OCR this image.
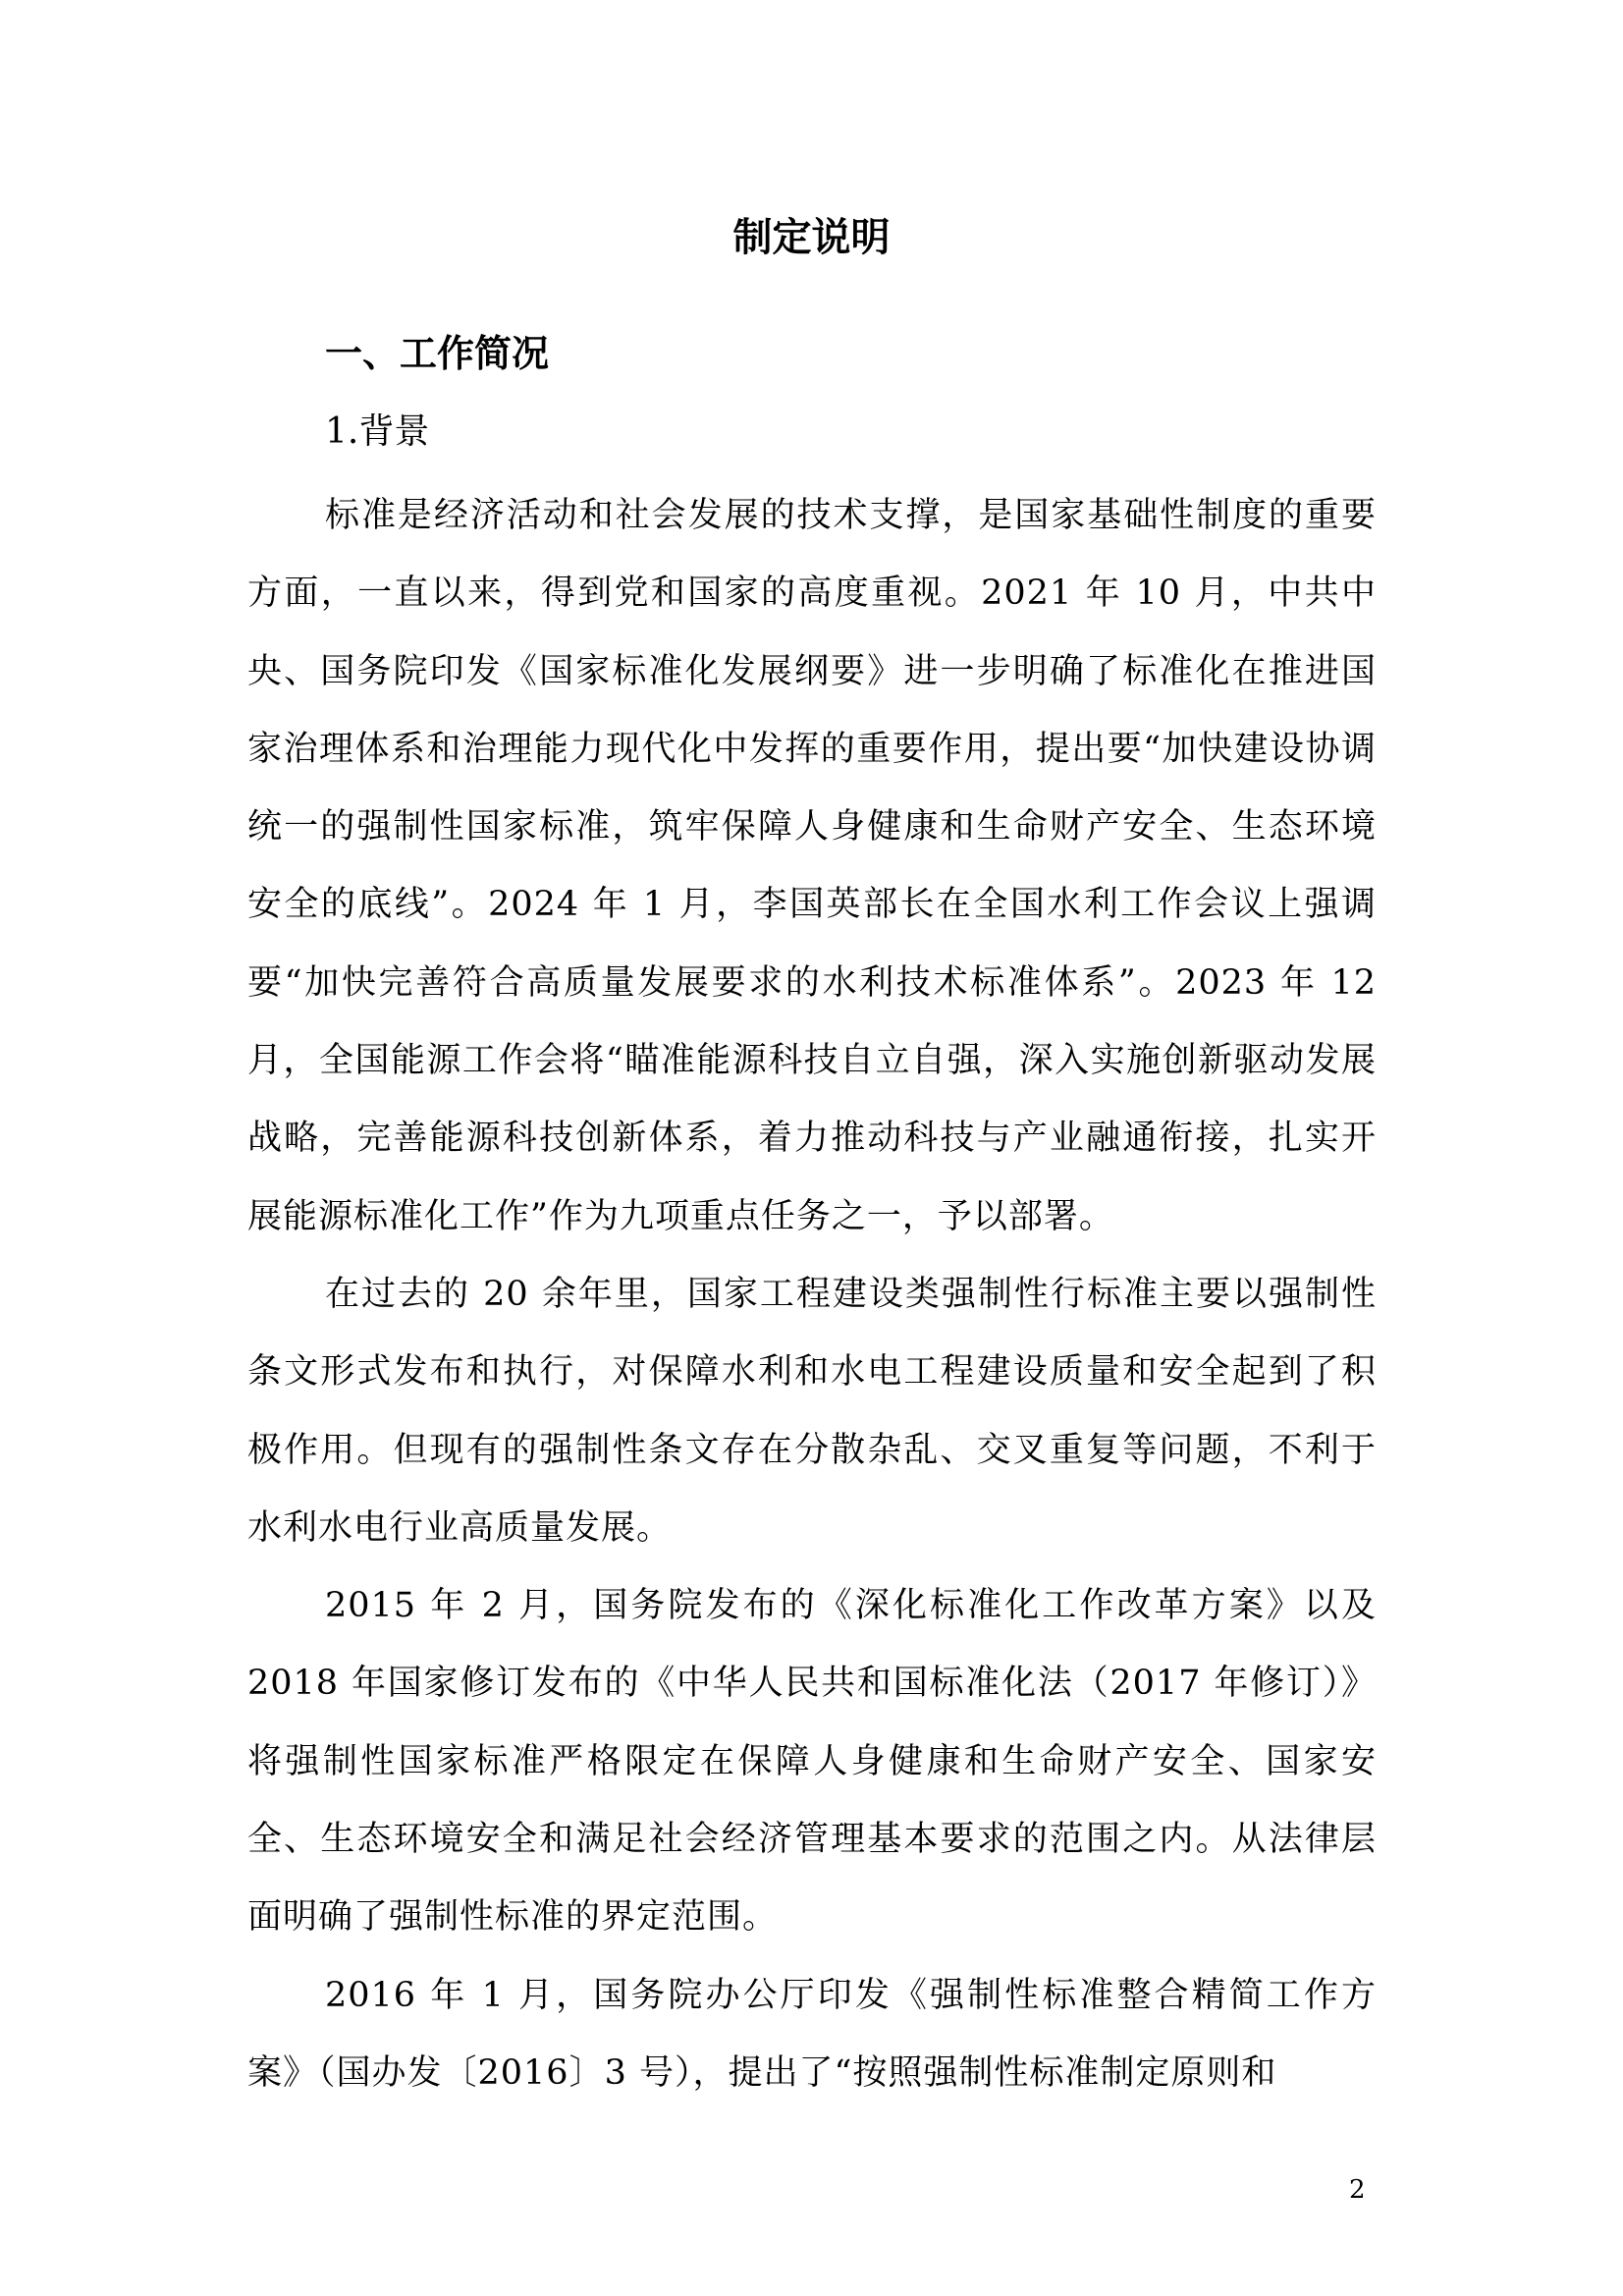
制定说明
一、工作简况
1.背景

标准是经济活动和社会发展的技术支撑，是国家基础性制度的重要方面，一直以来，得到党和国家的高度重视。2021 年 10 月，中共中央、国务院印发《国家标准化发展纲要》进一步明确了标准化在推进国家治理体系和治理能力现代化中发挥的重要作用，提出要“加快建设协调统一的强制性国家标准，筑牢保障人身健康和生命财产安全、生态环境安全的底线”。2024 年 1 月，李国英部长在全国水利工作会议上强调要“加快完善符合高质量发展要求的水利技术标准体系”。2023 年 12 月，全国能源工作会将“瞄准能源科技自立自强，深入实施创新驱动发展战略，完善能源科技创新体系，着力推动科技与产业融通衔接，扎实开展能源标准化工作”作为九项重点任务之一，予以部署。

在过去的 20 余年里，国家工程建设类强制性行标准主要以强制性条文形式发布和执行，对保障水利和水电工程建设质量和安全起到了积极作用。但现有的强制性条文存在分散杂乱、交叉重复等问题，不利于水利水电行业高质量发展。

2015 年 2 月，国务院发布的《深化标准化工作改革方案》以及2018 年国家修订发布的《中华人民共和国标准化法（2017 年修订）》将强制性国家标准严格限定在保障人身健康和生命财产安全、国家安全、生态环境安全和满足社会经济管理基本要求的范围之内。从法律层面明确了强制性标准的界定范围。

2016 年 1 月，国务院办公厅印发《强制性标准整合精简工作方案》（国办发〔2016〕3 号），提出了“按照强制性标准制定原则和

2
